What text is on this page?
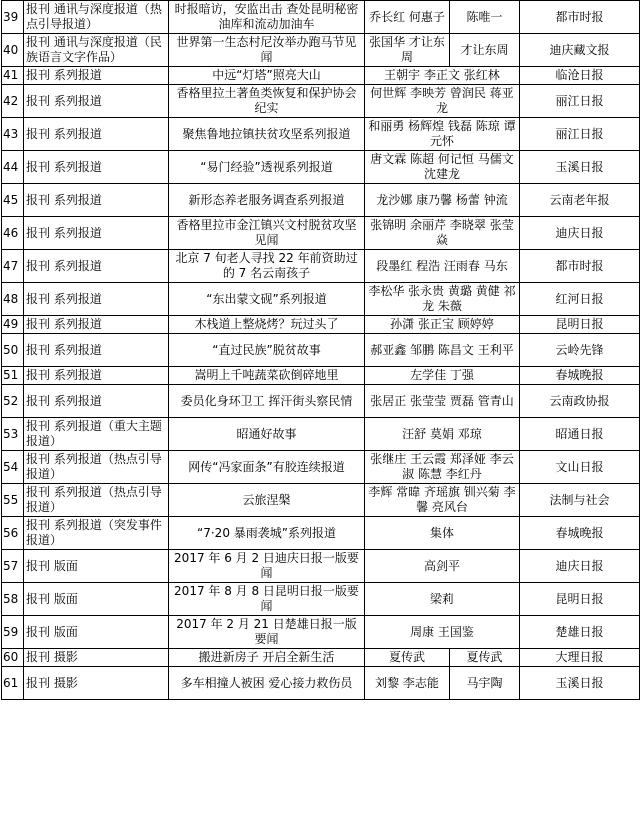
39	报刊 通讯与深度报道（热点引导报道）	时报暗访，安监出击 查处昆明秘密油库和流动加油车	乔长红 何惠子	陈唯一	都市时报
40	报刊 通讯与深度报道（民族语言文字作品）	世界第一生态村尼汝举办跑马节见闻	张国华 才让东周	才让东周	迪庆藏文报
41	报刊 系列报道	中远“灯塔”照亮大山	王朝宇 李正文 张红林		临沧日报
42	报刊 系列报道	香格里拉土著鱼类恢复和保护协会纪实	何世辉 李映芳 曾润民 蒋亚龙		丽江日报
43	报刊 系列报道	聚焦鲁地拉镇扶贫攻坚系列报道	和丽勇 杨辉煌 钱磊 陈琼 谭元怀		丽江日报
44	报刊 系列报道	“易门经验”透视系列报道	唐文霖 陈超 何记恒 马儒文 沈建龙		玉溪日报
45	报刊 系列报道	新形态养老服务调查系列报道	龙沙娜 康乃馨 杨蕾 钟流		云南老年报
46	报刊 系列报道	香格里拉市金江镇兴文村脱贫攻坚见闻	张锦明 余丽芹 李晓翠 张莹焱		迪庆日报
47	报刊 系列报道	北京 7 旬老人寻找 22 年前资助过的 7 名云南孩子	段墨红 程浩 汪雨春 马东		都市时报
48	报刊 系列报道	“东出蒙文砚”系列报道	李松华 张永贵 黄璐 黄健 祁龙 朱薇		红河日报
49	报刊 系列报道	木栈道上整烧烤？玩过头了	孙潇 张正宝 顾婷婷		昆明日报
50	报刊 系列报道	“直过民族”脱贫故事	郝亚鑫 邹鹏 陈昌文 王利平		云岭先锋
51	报刊 系列报道	嵩明上千吨蔬菜砍倒碎地里	左学佳 丁强		春城晚报
52	报刊 系列报道	委员化身环卫工 挥汗街头察民情	张居正 张莹莹 贾磊 管青山		云南政协报
53	报刊 系列报道（重大主题报道）	昭通好故事	汪舒 莫娟 邓琼		昭通日报
54	报刊 系列报道（热点引导报道）	网传“冯家面条”有胶连续报道	张继庄 王云霞 郑泽娅 李云淑 陈慧 李红丹		文山日报
55	报刊 系列报道（热点引导报道）	云旅涅槃	李辉 常暐 齐瑶旗 钏兴菊 李馨 亮风台		法制与社会
56	报刊 系列报道（突发事件报道）	“7·20 暴雨袭城”系列报道	集体		春城晚报
57	报刊 版面	2017 年 6 月 2 日迪庆日报一版要闻	高剑平		迪庆日报
58	报刊 版面	2017 年 8 月 8 日昆明日报一版要闻	梁莉		昆明日报
59	报刊 版面	2017 年 2 月 21 日楚雄日报一版要闻	周康 王国鉴		楚雄日报
60	报刊 摄影	搬进新房子 开启全新生活	夏传武	夏传武	大理日报
61	报刊 摄影	多车相撞人被困 爱心接力救伤员	刘黎 李志能	马宇陶	玉溪日报
